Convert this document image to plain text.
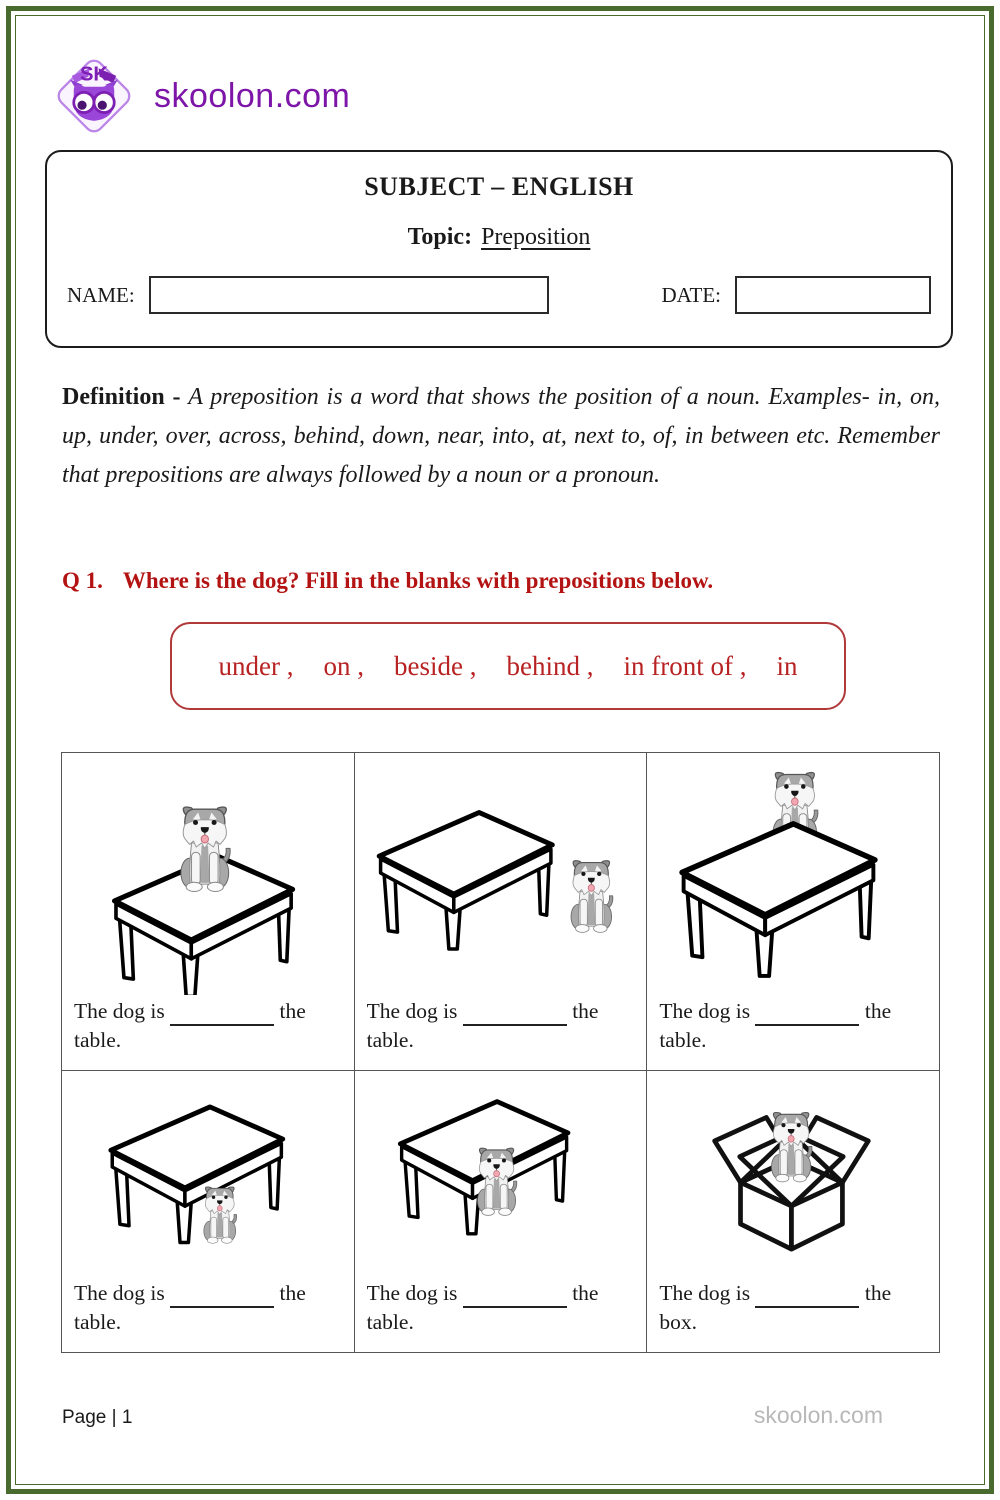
SK
skoolon.com
SUBJECT – ENGLISH
Topic: Preposition
NAME:	DATE:

Definition - A preposition is a word that shows the position of a noun. Examples- in, on, up, under, over, across, behind, down, near, into, at, next to, of, in between etc. Remember that prepositions are always followed by a noun or a pronoun.

Q 1. Where is the dog? Fill in the blanks with prepositions below.
under , on , beside , behind , in front of , in
The dog is	the table.
The dog is	the table.
The dog is	the table.
The dog is	the table.
The dog is	the table.
The dog is	the box.
Page | 1	skoolon.com
